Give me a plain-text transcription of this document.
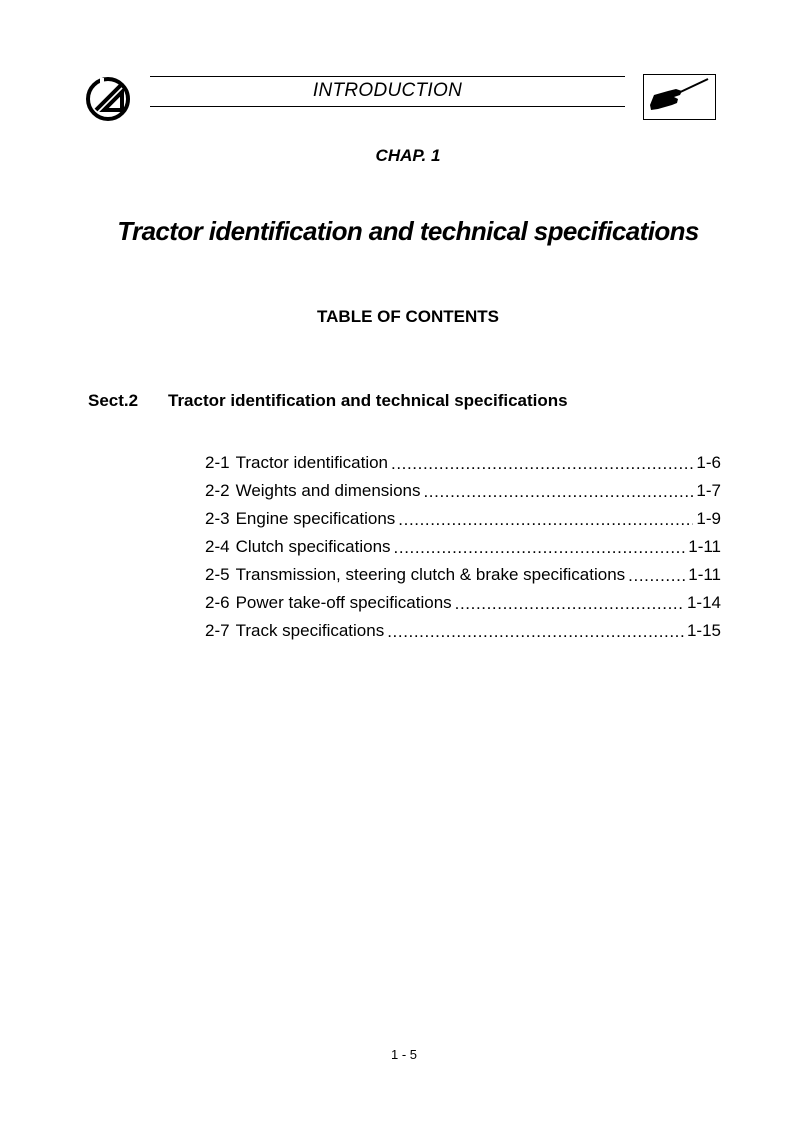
INTRODUCTION
CHAP. 1
Tractor identification and technical specifications
TABLE OF CONTENTS
Sect.2 Tractor identification and technical specifications
2-1 Tractor identification .....	1-6
2-2 Weights and dimensions .....	1-7
2-3 Engine specifications .....	1-9
2-4 Clutch specifications .....	1-11
2-5 Transmission, steering clutch & brake specifications .....	1-11
2-6 Power take-off specifications .....	1-14
2-7 Track specifications .....	1-15
1 - 5
